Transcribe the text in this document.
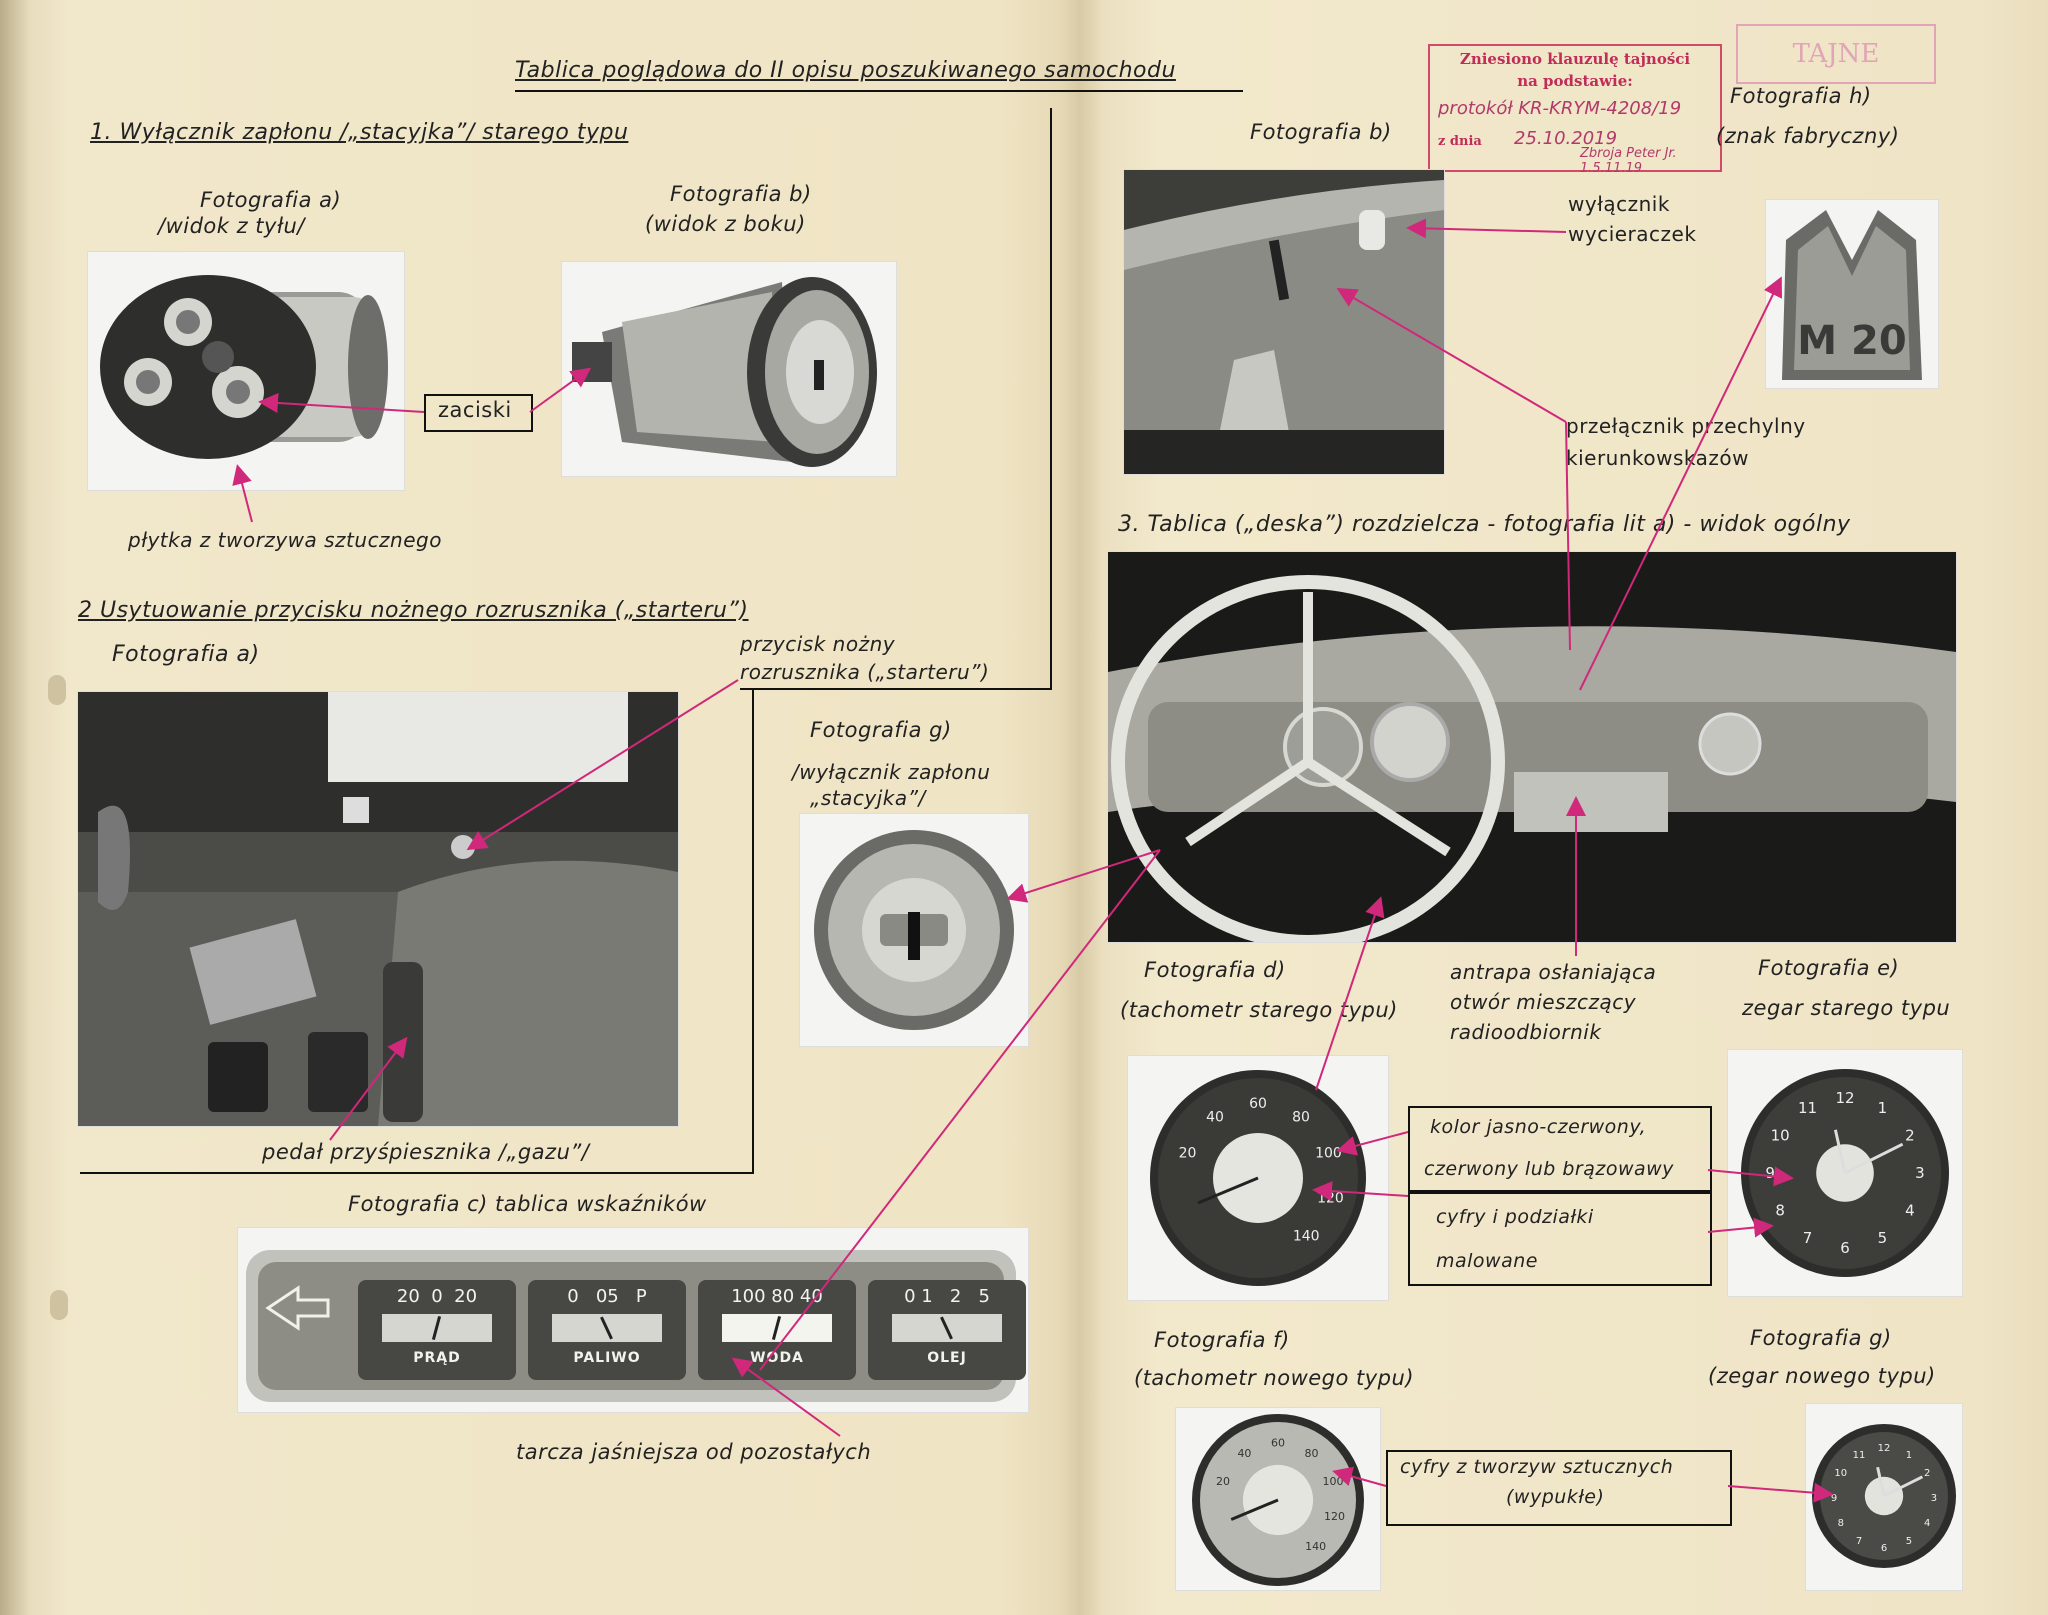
Tablica poglądowa do II opisu poszukiwanego samochodu
1. Wyłącznik zapłonu /„stacyjka”/ starego typu
Fotografia a)
/widok z tyłu/
Fotografia b)
(widok z boku)
zaciski
płytka z tworzywa sztucznego
2 Usytuowanie przycisku nożnego rozrusznika („starteru”)
Fotografia a)	przycisk nożny
rozrusznika („starteru”)
pedał przyśpiesznika /„gazu”/
Fotografia g)
/wyłącznik zapłonu
„stacyjka”/
Fotografia c) tablica wskaźników
20  0  20
PRĄD
0   05   P
PALIWO
100 80 40
WODA
0 1   2   5
OLEJ
tarcza jaśniejsza od pozostałych
Zniesiono klauzulę tajności
na podstawie:
protokół KR-KRYM-4208/19
z dnia 25.10.2019
Zbroja Peter Jr. 1.5.11.19
TAJNE
Fotografia b)
Fotografia h)
(znak fabryczny)
wyłącznik
wycieraczek
przełącznik przechylny
kierunkowskazów
M 20
3. Tablica („deska”) rozdzielcza - fotografia lit a) - widok ogólny
Fotografia d)
(tachometr starego typu)
antrapa osłaniająca
otwór mieszczący
radioodbiornik
Fotografia e)
zegar starego typu
20
40
60
80
100
120
140
12
1
2
3
4
5
6
7
8
9
10
11
kolor jasno-czerwony,
czerwony lub brązowawy
cyfry i podziałki
malowane
Fotografia f)
(tachometr nowego typu)
Fotografia g)
(zegar nowego typu)
20
40
60
80
100
120
140
12
1
2
3
4
5
6
7
8
9
10
11
cyfry z tworzyw sztucznych
(wypukłe)
